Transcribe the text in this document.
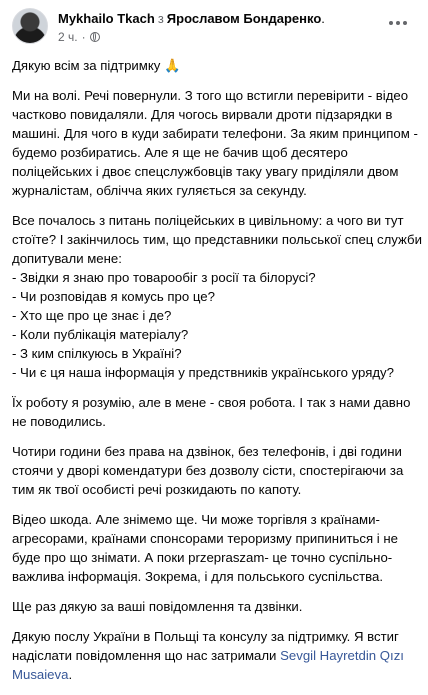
Mykhailo Tkach з Ярославом Бондаренко.
2 ч. ·

Дякую всім за підтримку 🙏

Ми на волі. Речі повернули. З того що встигли перевірити - відео
частково повидаляли. Для чогось вирвали дроти підзарядки в
машині. Для чого в куди забирати телефони. За яким принципом -
будемо розбиратись. Але я ще не бачив щоб десятеро
поліцейських і двоє спецслужбовців таку увагу приділяли двом
журналістам, облічча яких гуляється за секунду.

Все почалось з питань поліцейських в цивільному: а чого ви тут
стоїте? І закінчилось тим, що представники польської спец служби
допитували мене:
- Звідки я знаю про товарообіг з росії та білорусі?
- Чи розповідав я комусь про це?
- Хто ще про це знає і де?
- Коли публікація матеріалу?
- З ким спілкуюсь в Україні?
- Чи є ця наша інформація у предствників українського уряду?

Їх роботу я розумію, але в мене - своя робота. І так з нами давно
не поводились.

Чотири години без права на дзвінок, без телефонів, і дві години
стоячи у дворі комендатури без дозволу сісти, спостерігаючи за
тим як твої особисті речі розкидають по капоту.

Відео шкода. Але знімемо ще. Чи може торгівля з країнами-
агресорами, країнами спонсорами тероризму припиниться і не
буде про що знімати. А поки przepraszam- це точно суспільно-
важлива інформація. Зокрема, і для польського суспільства.

Ще раз дякую за ваші повідомлення та дзвінки.

Дякую послу України в Польщі та консулу за підтримку. Я встиг
надіслати повідомлення що нас затримали Sevgil Hayretdin Qızı
Musaieva.
